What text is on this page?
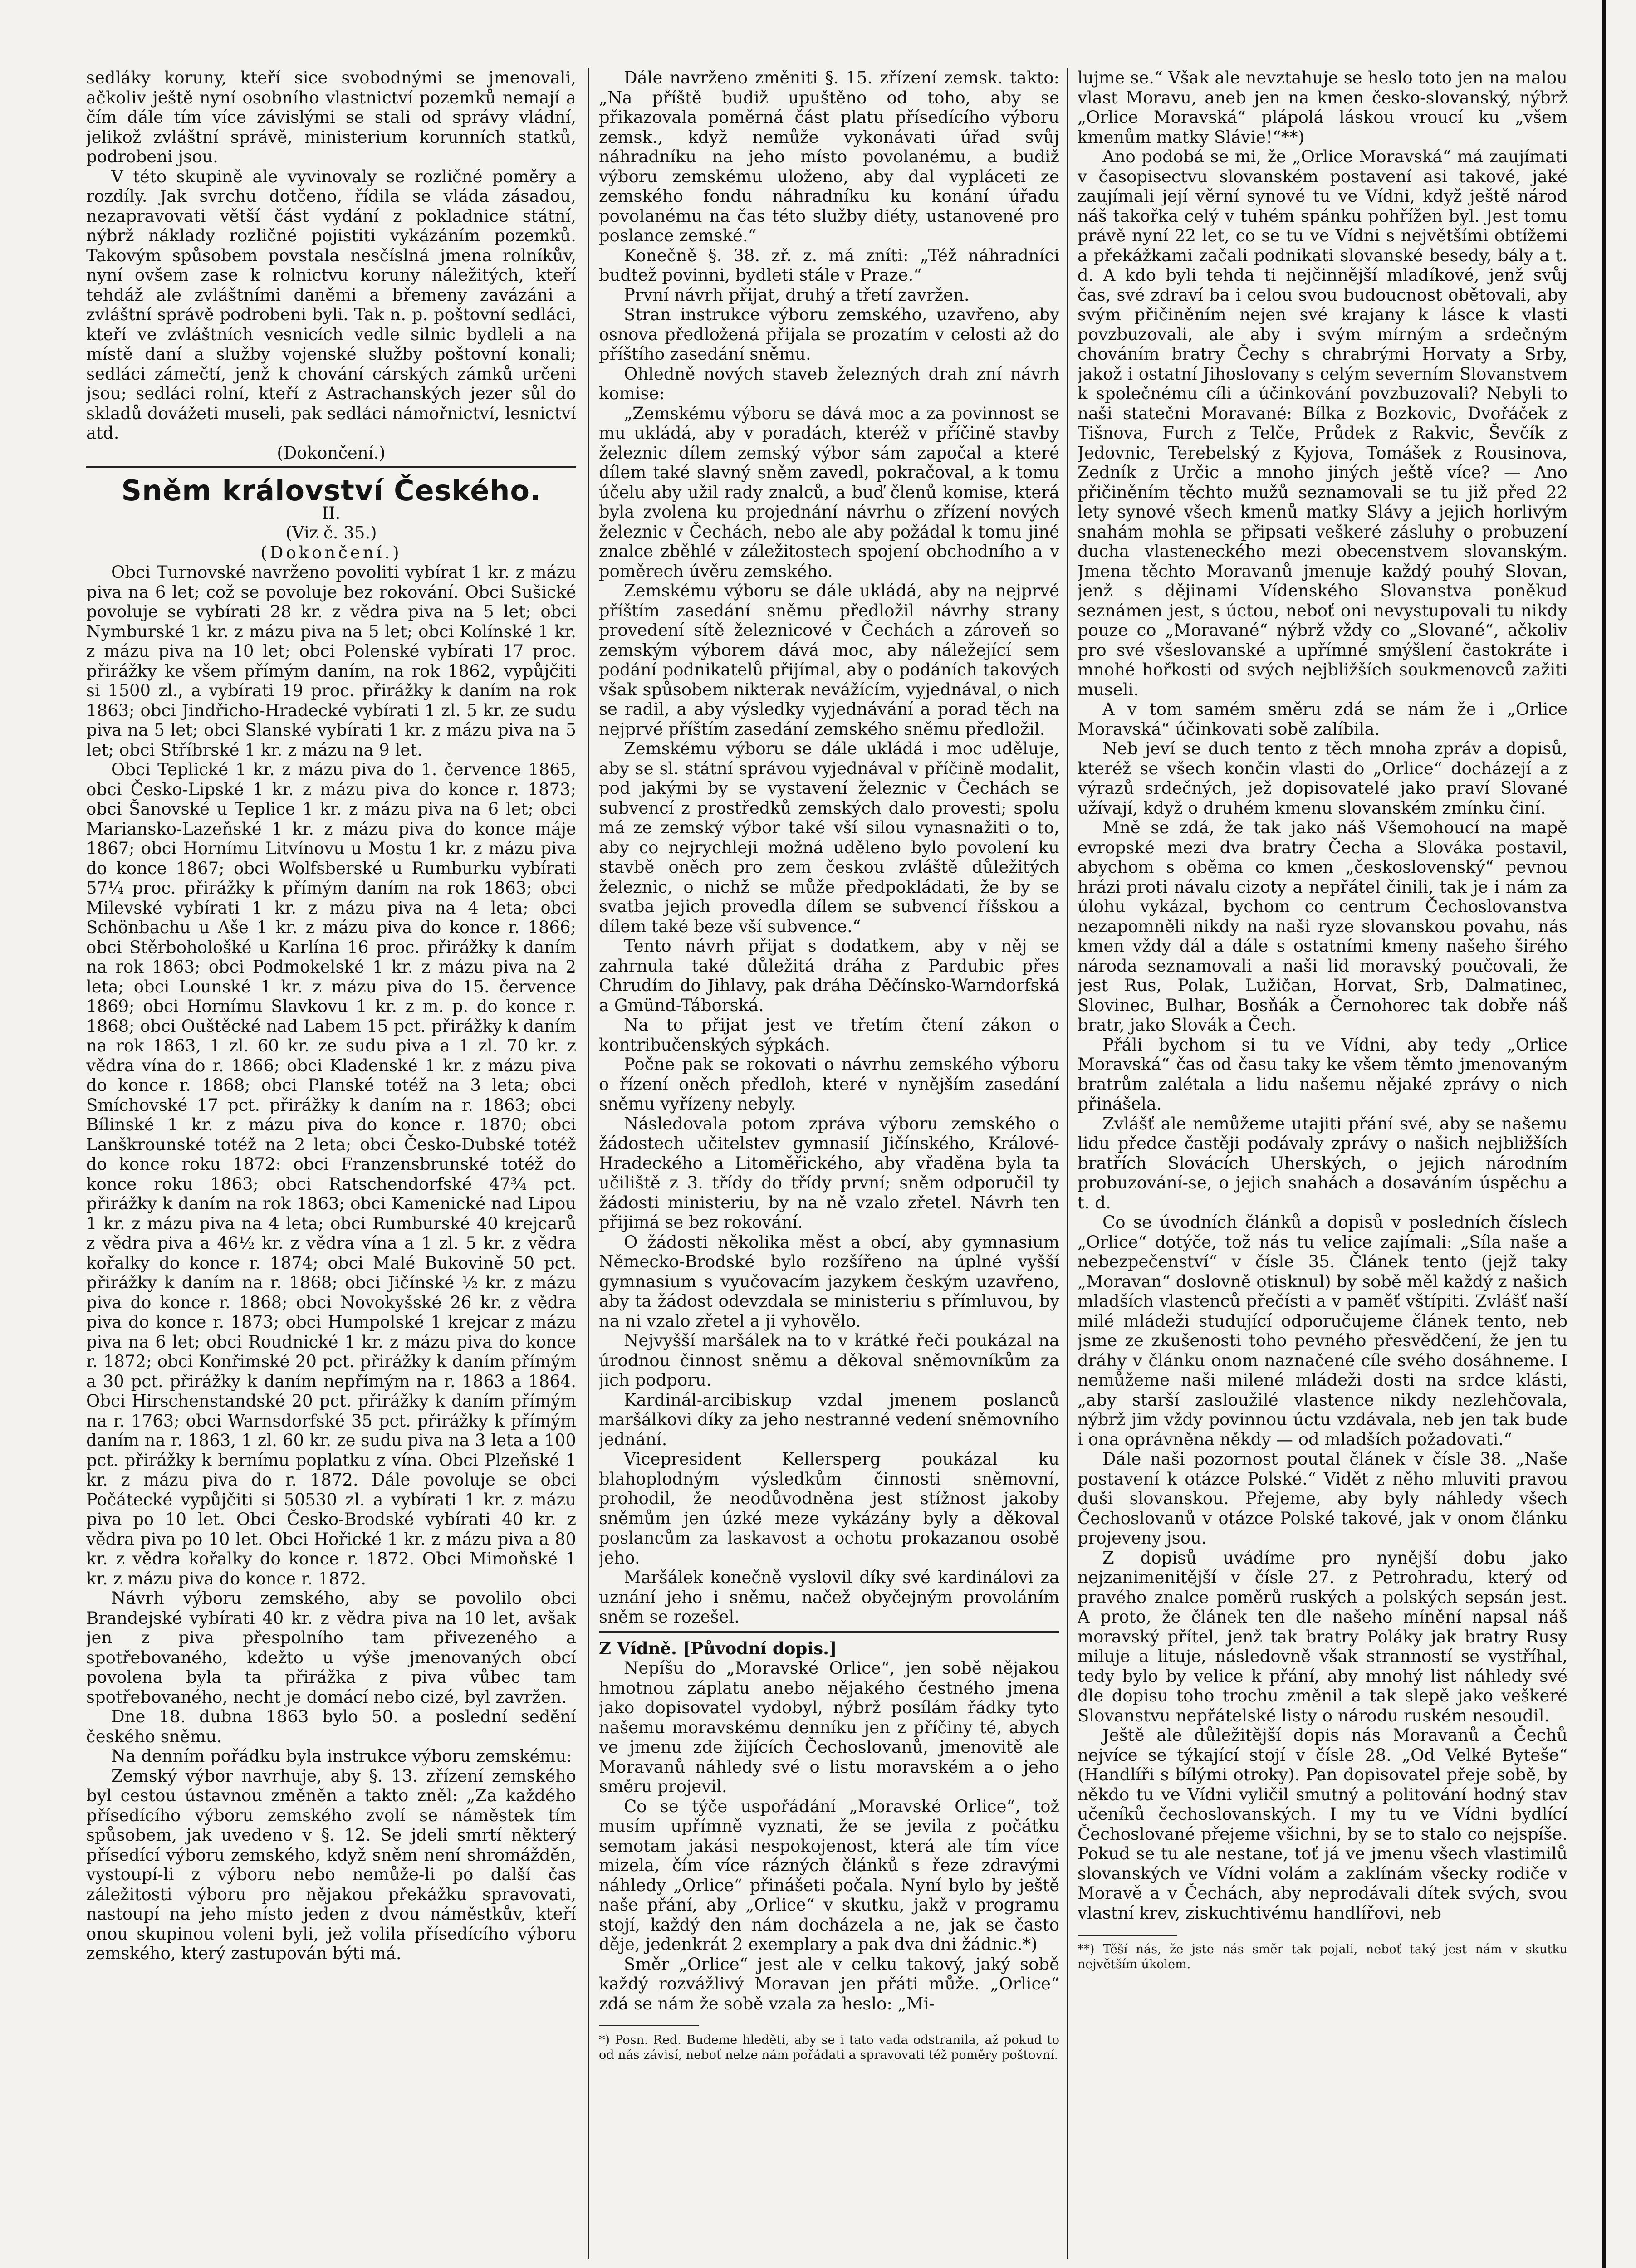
sedláky koruny, kteří sice svobodnými se jmenovali, ačkoliv ještě nyní osobního vlastnictví pozemků nemají a čím dále tím více závislými se stali od správy vládní, jelikož zvláštní správě, ministerium korunních statků, podrobeni jsou.

V této skupině ale vyvinovaly se rozličné poměry a rozdíly. Jak svrchu dotčeno, řídila se vláda zásadou, nezapravovati větší část vydání z pokladnice státní, nýbrž náklady rozličné pojistiti vykázáním pozemků. Takovým spůsobem povstala nesčíslná jmena rolníkův, nyní ovšem zase k rolnictvu koruny náležitých, kteří tehdáž ale zvláštními daněmi a břemeny zavázáni a zvláštní správě podrobeni byli. Tak n. p. poštovní sedláci, kteří ve zvláštních vesnicích vedle silnic bydleli a na místě daní a služby vojenské služby poštovní konali; sedláci zámečtí, jenž k chování cárských zámků určeni jsou; sedláci rolní, kteří z Astrachanských jezer sůl do skladů dovážeti museli, pak sedláci námořnictví, lesnictví atd.

(Dokončení.)

Sněm království Českého.

II.

(Viz č. 35.)

(Dokončení.)

Obci Turnovské navrženo povoliti vybírat 1 kr. z mázu piva na 6 let; což se povoluje bez rokování. Obci Sušické povoluje se vybírati 28 kr. z vědra piva na 5 let; obci Nymburské 1 kr. z mázu piva na 5 let; obci Kolínské 1 kr. z mázu piva na 10 let; obci Polenské vybírati 17 proc. přirážky ke všem přímým daním, na rok 1862, vypůjčiti si 1500 zl., a vybírati 19 proc. přirážky k daním na rok 1863; obci Jindřicho-Hradecké vybírati 1 zl. 5 kr. ze sudu piva na 5 let; obci Slanské vybírati 1 kr. z mázu piva na 5 let; obci Stříbrské 1 kr. z mázu na 9 let.

Obci Teplické 1 kr. z mázu piva do 1. července 1865, obci Česko-Lipské 1 kr. z mázu piva do konce r. 1873; obci Šanovské u Teplice 1 kr. z mázu piva na 6 let; obci Mariansko-Lazeňské 1 kr. z mázu piva do konce máje 1867; obci Hornímu Litvínovu u Mostu 1 kr. z mázu piva do konce 1867; obci Wolfsberské u Rumburku vybírati 57¼ proc. přirážky k přímým daním na rok 1863; obci Milevské vybírati 1 kr. z mázu piva na 4 leta; obci Schönbachu u Aše 1 kr. z mázu piva do konce r. 1866; obci Stěrbohološké u Karlína 16 proc. přirážky k daním na rok 1863; obci Podmokelské 1 kr. z mázu piva na 2 leta; obci Lounské 1 kr. z mázu piva do 15. července 1869; obci Hornímu Slavkovu 1 kr. z m. p. do konce r. 1868; obci Ouštěcké nad Labem 15 pct. přirážky k daním na rok 1863, 1 zl. 60 kr. ze sudu piva a 1 zl. 70 kr. z vědra vína do r. 1866; obci Kladenské 1 kr. z mázu piva do konce r. 1868; obci Planské totéž na 3 leta; obci Smíchovské 17 pct. přirážky k daním na r. 1863; obci Bílinské 1 kr. z mázu piva do konce r. 1870; obci Lanškrounské totéž na 2 leta; obci Česko-Dubské totéž do konce roku 1872: obci Franzensbrunské totéž do konce roku 1863; obci Ratschendorfské 47¾ pct. přirážky k daním na rok 1863; obci Kamenické nad Lipou 1 kr. z mázu piva na 4 leta; obci Rumburské 40 krejcarů z vědra piva a 46½ kr. z vědra vína a 1 zl. 5 kr. z vědra kořalky do konce r. 1874; obci Malé Bukovině 50 pct. přirážky k daním na r. 1868; obci Jičínské ½ kr. z mázu piva do konce r. 1868; obci Novokyšské 26 kr. z vědra piva do konce r. 1873; obci Humpolské 1 krejcar z mázu piva na 6 let; obci Roudnické 1 kr. z mázu piva do konce r. 1872; obci Konřimské 20 pct. přirážky k daním přímým a 30 pct. přirážky k daním nepřímým na r. 1863 a 1864. Obci Hirschenstandské 20 pct. přirážky k daním přímým na r. 1763; obci Warnsdorfské 35 pct. přirážky k přímým daním na r. 1863, 1 zl. 60 kr. ze sudu piva na 3 leta a 100 pct. přirážky k bernímu poplatku z vína. Obci Plzeňské 1 kr. z mázu piva do r. 1872. Dále povoluje se obci Počátecké vypůjčiti si 50530 zl. a vybírati 1 kr. z mázu piva po 10 let. Obci Česko-Brodské vybírati 40 kr. z vědra piva po 10 let. Obci Hořické 1 kr. z mázu piva a 80 kr. z vědra kořalky do konce r. 1872. Obci Mimoňské 1 kr. z mázu piva do konce r. 1872.

Návrh výboru zemského, aby se povolilo obci Brandejské vybírati 40 kr. z vědra piva na 10 let, avšak jen z piva přespolního tam přivezeného a spotřebovaného, kdežto u výše jmenovaných obcí povolena byla ta přirážka z piva vůbec tam spotřebovaného, necht je domácí nebo cizé, byl zavržen.

Dne 18. dubna 1863 bylo 50. a poslední sedění českého sněmu.

Na denním pořádku byla instrukce výboru zemskému:

Zemský výbor navrhuje, aby §. 13. zřízení zemského byl cestou ústavnou změněn a takto zněl: „Za každého přísedícího výboru zemského zvolí se náměstek tím spůsobem, jak uvedeno v §. 12. Se jdeli smrtí některý přísedící výboru zemského, když sněm není shromážděn, vystoupí-li z výboru nebo nemůže-li po další čas záležitosti výboru pro nějakou překážku spravovati, nastoupí na jeho místo jeden z dvou náměstkův, kteří onou skupinou voleni byli, jež volila přísedícího výboru zemského, který zastupován býti má.

Dále navrženo změniti §. 15. zřízení zemsk. takto: „Na příště budiž upuštěno od toho, aby se přikazovala poměrná část platu přísedícího výboru zemsk., když nemůže vykonávati úřad svůj náhradníku na jeho místo povolanému, a budiž výboru zemskému uloženo, aby dal vypláceti ze zemského fondu náhradníku ku konání úřadu povolanému na čas této služby diéty, ustanovené pro poslance zemské.“

Konečně §. 38. zř. z. má zníti: „Též náhradníci budtež povinni, bydleti stále v Praze.“

První návrh přijat, druhý a třetí zavržen.

Stran instrukce výboru zemského, uzavřeno, aby osnova předložená přijala se prozatím v celosti až do příštího zasedání sněmu.

Ohledně nových staveb železných drah zní návrh komise:

„Zemskému výboru se dává moc a za povinnost se mu ukládá, aby v poradách, kteréž v příčině stavby železnic dílem zemský výbor sám započal a které dílem také slavný sněm zavedl, pokračoval, a k tomu účelu aby užil rady znalců, a buď členů komise, která byla zvolena ku projednání návrhu o zřízení nových železnic v Čechách, nebo ale aby požádal k tomu jiné znalce zběhlé v záležitostech spojení obchodního a v poměrech úvěru zemského.

Zemskému výboru se dále ukládá, aby na nejprvé příštím zasedání sněmu předložil návrhy strany provedení sítě železnicové v Čechách a zároveň so zemským výborem dává moc, aby náležející sem podání podnikatelů přijímal, aby o podáních takových však spůsobem nikterak nevážícím, vyjednával, o nich se radil, a aby výsledky vyjednávání a porad těch na nejprvé příštím zasedání zemského sněmu předložil.

Zemskému výboru se dále ukládá i moc uděluje, aby se sl. státní správou vyjednával v příčině modalit, pod jakými by se vystavení železnic v Čechách se subvencí z prostředků zemských dalo provesti; spolu má ze zemský výbor také vší silou vynasnažiti o to, aby co nejrychleji možná uděleno bylo povolení ku stavbě oněch pro zem českou zvláště důležitých železnic, o nichž se může předpokládati, že by se svatba jejich provedla dílem se subvencí říšskou a dílem také beze vší subvence.“

Tento návrh přijat s dodatkem, aby v něj se zahrnula také důležitá dráha z Pardubic přes Chrudím do Jihlavy, pak dráha Děčínsko-Warndorfská a Gmünd-Táborská.

Na to přijat jest ve třetím čtení zákon o kontribučenských sýpkách.

Počne pak se rokovati o návrhu zemského výboru o řízení oněch předloh, které v nynějším zasedání sněmu vyřízeny nebyly.

Následovala potom zpráva výboru zemského o žádostech učitelstev gymnasií Jičínského, Králové-Hradeckého a Litoměřického, aby vřaděna byla ta učiliště z 3. třídy do třídy první; sněm odporučil ty žádosti ministeriu, by na ně vzalo zřetel. Návrh ten přijimá se bez rokování.

O žádosti několika měst a obcí, aby gymnasium Německo-Brodské bylo rozšířeno na úplné vyšší gymnasium s vyučovacím jazykem českým uzavřeno, aby ta žádost odevzdala se ministeriu s přímluvou, by na ni vzalo zřetel a ji vyhovělo.

Nejvyšší maršálek na to v krátké řeči poukázal na úrodnou činnost sněmu a děkoval sněmovníkům za jich podporu.

Kardinál-arcibiskup vzdal jmenem poslanců maršálkovi díky za jeho nestranné vedení sněmovního jednání.

Vicepresident Kellersperg poukázal ku blahoplodným výsledkům činnosti sněmovní, prohodil, že neodůvodněna jest stížnost jakoby sněmům jen úzké meze vykázány byly a děkoval poslancům za laskavost a ochotu prokazanou osobě jeho.

Maršálek konečně vyslovil díky své kardinálovi za uznání jeho i sněmu, načež obyčejným provoláním sněm se rozešel.

Z Vídně. [Původní dopis.]

Nepíšu do „Moravské Orlice“, jen sobě nějakou hmotnou záplatu anebo nějakého čestného jmena jako dopisovatel vydobyl, nýbrž posílám řádky tyto našemu moravskému denníku jen z příčiny té, abych ve jmenu zde žijících Čechoslovanů, jmenovitě ale Moravanů náhledy své o listu moravském a o jeho směru projevil.

Co se týče uspořádání „Moravské Orlice“, tož musím upřímně vyznati, že se jevila z počátku semotam jakási nespokojenost, která ale tím více mizela, čím více rázných článků s řeze zdravými náhledy „Orlice“ přinášeti počala. Nyní bylo by ještě naše přání, aby „Orlice“ v skutku, jakž v programu stojí, každý den nám docházela a ne, jak se často děje, jedenkrát 2 exemplary a pak dva dni žádnic.*)

Směr „Orlice“ jest ale v celku takový, jaký sobě každý rozvážlivý Moravan jen přáti může. „Orlice“ zdá se nám že sobě vzala za heslo: „Mi-

*) Posn. Red. Budeme hleděti, aby se i tato vada odstranila, až pokud to od nás závisí, neboť nelze nám pořádati a spravovati též poměry poštovní.

lujme se.“ Však ale nevztahuje se heslo toto jen na malou vlast Moravu, aneb jen na kmen česko-slovanský, nýbrž „Orlice Moravská“ plápolá láskou vroucí ku „všem kmenům matky Slávie!“**)

Ano podobá se mi, že „Orlice Moravská“ má zaujímati v časopisectvu slovanském postavení asi takové, jaké zaujímali její věrní synové tu ve Vídni, když ještě národ náš takořka celý v tuhém spánku pohřížen byl. Jest tomu právě nyní 22 let, co se tu ve Vídni s největšími obtížemi a překážkami začali podnikati slovanské besedy, bály a t. d. A kdo byli tehda ti nejčinnější mladíkové, jenž svůj čas, své zdraví ba i celou svou budoucnost obětovali, aby svým přičiněním nejen své krajany k lásce k vlasti povzbuzovali, ale aby i svým mírným a srdečným chováním bratry Čechy s chrabrými Horvaty a Srby, jakož i ostatní Jihoslovany s celým severním Slovanstvem k společnému cíli a účinkování povzbuzovali? Nebyli to naši statečni Moravané: Bílka z Bozkovic, Dvořáček z Tišnova, Furch z Telče, Průdek z Rakvic, Ševčík z Jedovnic, Terebelský z Kyjova, Tomášek z Rousinova, Zedník z Určic a mnoho jiných ještě více? — Ano přičiněním těchto mužů seznamovali se tu již před 22 lety synové všech kmenů matky Slávy a jejich horlivým snahám mohla se připsati veškeré zásluhy o probuzení ducha vlasteneckého mezi obecenstvem slovanským. Jmena těchto Moravanů jmenuje každý pouhý Slovan, jenž s dějinami Vídenského Slovanstva poněkud seznámen jest, s úctou, neboť oni nevystupovali tu nikdy pouze co „Moravané“ nýbrž vždy co „Slované“, ačkoliv pro své všeslovanské a upřímné smýšlení častokráte i mnohé hořkosti od svých nejbližších soukmenovců zažiti museli.

A v tom samém směru zdá se nám že i „Orlice Moravská“ účinkovati sobě zalíbila.

Neb jeví se duch tento z těch mnoha zpráv a dopisů, kteréž se všech končin vlasti do „Orlice“ docházejí a z výrazů srdečných, jež dopisovatelé jako praví Slované užívají, když o druhém kmenu slovanském zmínku činí.

Mně se zdá, že tak jako náš Všemohoucí na mapě evropské mezi dva bratry Čecha a Slováka postavil, abychom s oběma co kmen „československý“ pevnou hrázi proti návalu cizoty a nepřátel činili, tak je i nám za úlohu vykázal, bychom co centrum Čechoslovanstva nezapomněli nikdy na naši ryze slovanskou povahu, nás kmen vždy dál a dále s ostatními kmeny našeho širého národa seznamovali a naši lid moravský poučovali, že jest Rus, Polak, Lužičan, Horvat, Srb, Dalmatinec, Slovinec, Bulhar, Bosňák a Černohorec tak dobře náš bratr, jako Slovák a Čech.

Přáli bychom si tu ve Vídni, aby tedy „Orlice Moravská“ čas od času taky ke všem těmto jmenovaným bratrům zalétala a lidu našemu nějaké zprávy o nich přinášela.

Zvlášť ale nemůžeme utajiti přání své, aby se našemu lidu předce častěji podávaly zprávy o našich nejbližších bratřích Slovácích Uherských, o jejich národním probuzování-se, o jejich snahách a dosaváním úspěchu a t. d.

Co se úvodních článků a dopisů v posledních číslech „Orlice“ dotýče, tož nás tu velice zajímali: „Síla naše a nebezpečenství“ v čísle 35. Článek tento (jejž taky „Moravan“ doslovně otisknul) by sobě měl každý z našich mladších vlastenců přečísti a v paměť vštípiti. Zvlášť naší milé mládeži studující odporučujeme článek tento, neb jsme ze zkušenosti toho pevného přesvědčení, že jen tu dráhy v článku onom naznačené cíle svého dosáhneme. I nemůžeme naši milené mládeži dosti na srdce klásti, „aby starší zasloužilé vlastence nikdy nezlehčovala, nýbrž jim vždy povinnou úctu vzdávala, neb jen tak bude i ona oprávněna někdy — od mladších požadovati.“

Dále naši pozornost poutal článek v čísle 38. „Naše postavení k otázce Polské.“ Vidět z něho mluviti pravou duši slovanskou. Přejeme, aby byly náhledy všech Čechoslovanů v otázce Polské takové, jak v onom článku projeveny jsou.

Z dopisů uvádíme pro nynější dobu jako nejzanimenitější v čísle 27. z Petrohradu, který od pravého znalce poměrů ruských a polských sepsán jest. A proto, že článek ten dle našeho mínění napsal náš moravský přítel, jenž tak bratry Poláky jak bratry Rusy miluje a lituje, následovně však stranností se vystříhal, tedy bylo by velice k přání, aby mnohý list náhledy své dle dopisu toho trochu změnil a tak slepě jako veškeré Slovanstvu nepřátelské listy o národu ruském nesoudil.

Ještě ale důležitější dopis nás Moravanů a Čechů nejvíce se týkající stojí v čísle 28. „Od Velké Byteše“ (Handlíři s bílými otroky). Pan dopisovatel přeje sobě, by někdo tu ve Vídni vyličil smutný a politování hodný stav učeníků čechoslovanských. I my tu ve Vídni bydlící Čechoslované přejeme všichni, by se to stalo co nejspíše. Pokud se tu ale nestane, toť já ve jmenu všech vlastimilů slovanských ve Vídni volám a zaklínám všecky rodiče v Moravě a v Čechách, aby neprodávali dítek svých, svou vlastní krev, ziskuchtivému handlířovi, neb

**) Těší nás, že jste nás směr tak pojali, neboť taký jest nám v skutku největším úkolem.
